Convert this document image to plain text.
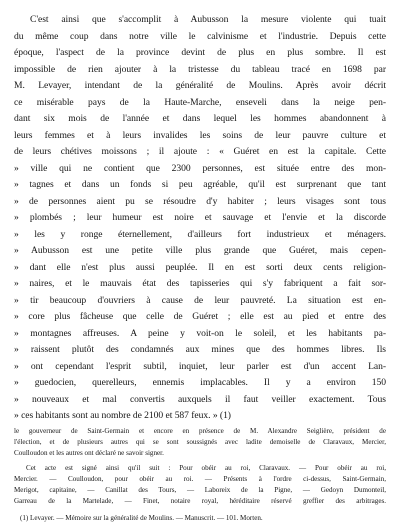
C'est ainsi que s'accomplit à Aubusson la mesure violente qui tuait

du même coup dans notre ville le calvinisme et l'industrie. Depuis cette

époque, l'aspect de la province devint de plus en plus sombre. Il est

impossible de rien ajouter à la tristesse du tableau tracé en 1698 par

M. Levayer, intendant de la généralité de Moulins. Après avoir décrit

ce misérable pays de la Haute-Marche, enseveli dans la neige pen-

dant six mois de l'année et dans lequel les hommes abandonnent à

leurs femmes et à leurs invalides les soins de leur pauvre culture et

de leurs chétives moissons ; il ajoute : « Guéret en est la capitale. Cette

» ville qui ne contient que 2300 personnes, est située entre des mon-

» tagnes et dans un fonds si peu agréable, qu'il est surprenant que tant

» de personnes aient pu se résoudre d'y habiter ; leurs visages sont tous

» plombés ; leur humeur est noire et sauvage et l'envie et la discorde

» les y ronge éternellement, d'ailleurs fort industrieux et ménagers.

» Aubusson est une petite ville plus grande que Guéret, mais cepen-

» dant elle n'est plus aussi peuplée. Il en est sorti deux cents religion-

» naires, et le mauvais état des tapisseries qui s'y fabriquent a fait sor-

» tir beaucoup d'ouvriers à cause de leur pauvreté. La situation est en-

» core plus fâcheuse que celle de Guéret ; elle est au pied et entre des

» montagnes affreuses. A peine y voit-on le soleil, et les habitants pa-

» raissent plutôt des condamnés aux mines que des hommes libres. Ils

» ont cependant l'esprit subtil, inquiet, leur parler est d'un accent Lan-

» guedocien, querelleurs, ennemis implacables. Il y a environ 150

» nouveaux et mal convertis auxquels il faut veiller exactement. Tous

» ces habitants sont au nombre de 2100 et 587 feux. » (1)

le gouverneur de Saint-Germain et encore en présence de M. Alexandre Seiglière, président de

l'élection, et de plusieurs autres qui se sont soussignés avec ladite demoiselle de Claravaux, Mercier,

Coulloudon et les autres ont déclaré ne savoir signer.

Cet acte est signé ainsi qu'il suit : Pour obéir au roi, Claravaux. — Pour obéir au roi,

Mercier. — Coulloudon, pour obéir au roi. — Présents à l'ordre ci-dessus, Saint-Germain,

Merigot, capitaine, — Canillat des Tours, — Laboreix de la Pigne, — Gedoyn Dumonteil,

Garreau de la Martelade, — Finet, notaire royal, héréditaire réservé greffier des arbitrages.

(1) Levayer. — Mémoire sur la généralité de Moulins. — Manuscrit. — 101. Morten.
